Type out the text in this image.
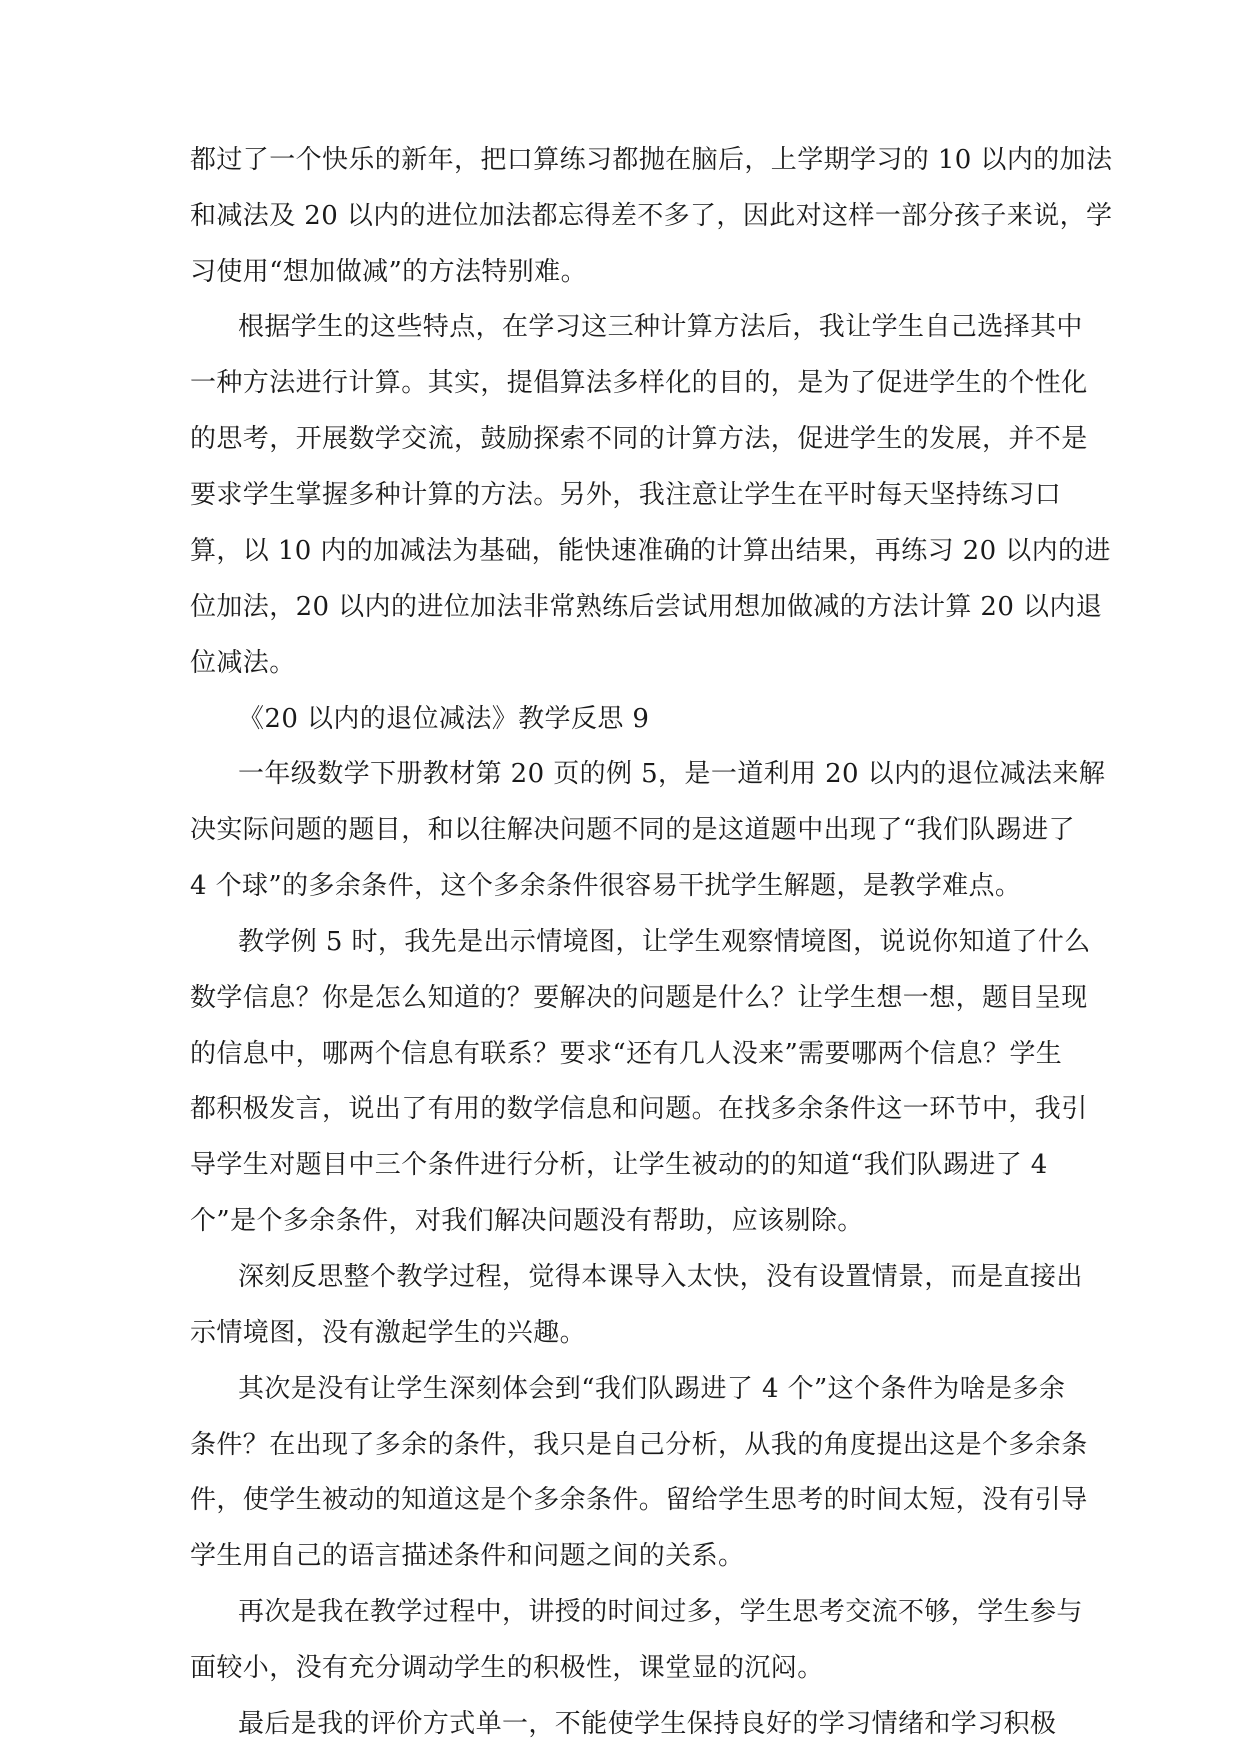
都过了一个快乐的新年，把口算练习都抛在脑后，上学期学习的 10 以内的加法
和减法及 20 以内的进位加法都忘得差不多了，因此对这样一部分孩子来说，学
习使用“想加做减”的方法特别难。
根据学生的这些特点，在学习这三种计算方法后，我让学生自己选择其中
一种方法进行计算。其实，提倡算法多样化的目的，是为了促进学生的个性化
的思考，开展数学交流，鼓励探索不同的计算方法，促进学生的发展，并不是
要求学生掌握多种计算的方法。另外，我注意让学生在平时每天坚持练习口
算，以 10 内的加减法为基础，能快速准确的计算出结果，再练习 20 以内的进
位加法，20 以内的进位加法非常熟练后尝试用想加做减的方法计算 20 以内退
位减法。
《20 以内的退位减法》教学反思 9
一年级数学下册教材第 20 页的例 5，是一道利用 20 以内的退位减法来解
决实际问题的题目，和以往解决问题不同的是这道题中出现了“我们队踢进了
4 个球”的多余条件，这个多余条件很容易干扰学生解题，是教学难点。
教学例 5 时，我先是出示情境图，让学生观察情境图，说说你知道了什么
数学信息？你是怎么知道的？要解决的问题是什么？让学生想一想，题目呈现
的信息中，哪两个信息有联系？要求“还有几人没来”需要哪两个信息？学生
都积极发言，说出了有用的数学信息和问题。在找多余条件这一环节中，我引
导学生对题目中三个条件进行分析，让学生被动的的知道“我们队踢进了 4
个”是个多余条件，对我们解决问题没有帮助，应该剔除。
深刻反思整个教学过程，觉得本课导入太快，没有设置情景，而是直接出
示情境图，没有激起学生的兴趣。
其次是没有让学生深刻体会到“我们队踢进了 4 个”这个条件为啥是多余
条件？在出现了多余的条件，我只是自己分析，从我的角度提出这是个多余条
件，使学生被动的知道这是个多余条件。留给学生思考的时间太短，没有引导
学生用自己的语言描述条件和问题之间的关系。
再次是我在教学过程中，讲授的时间过多，学生思考交流不够，学生参与
面较小，没有充分调动学生的积极性，课堂显的沉闷。
最后是我的评价方式单一，不能使学生保持良好的学习情绪和学习积极
